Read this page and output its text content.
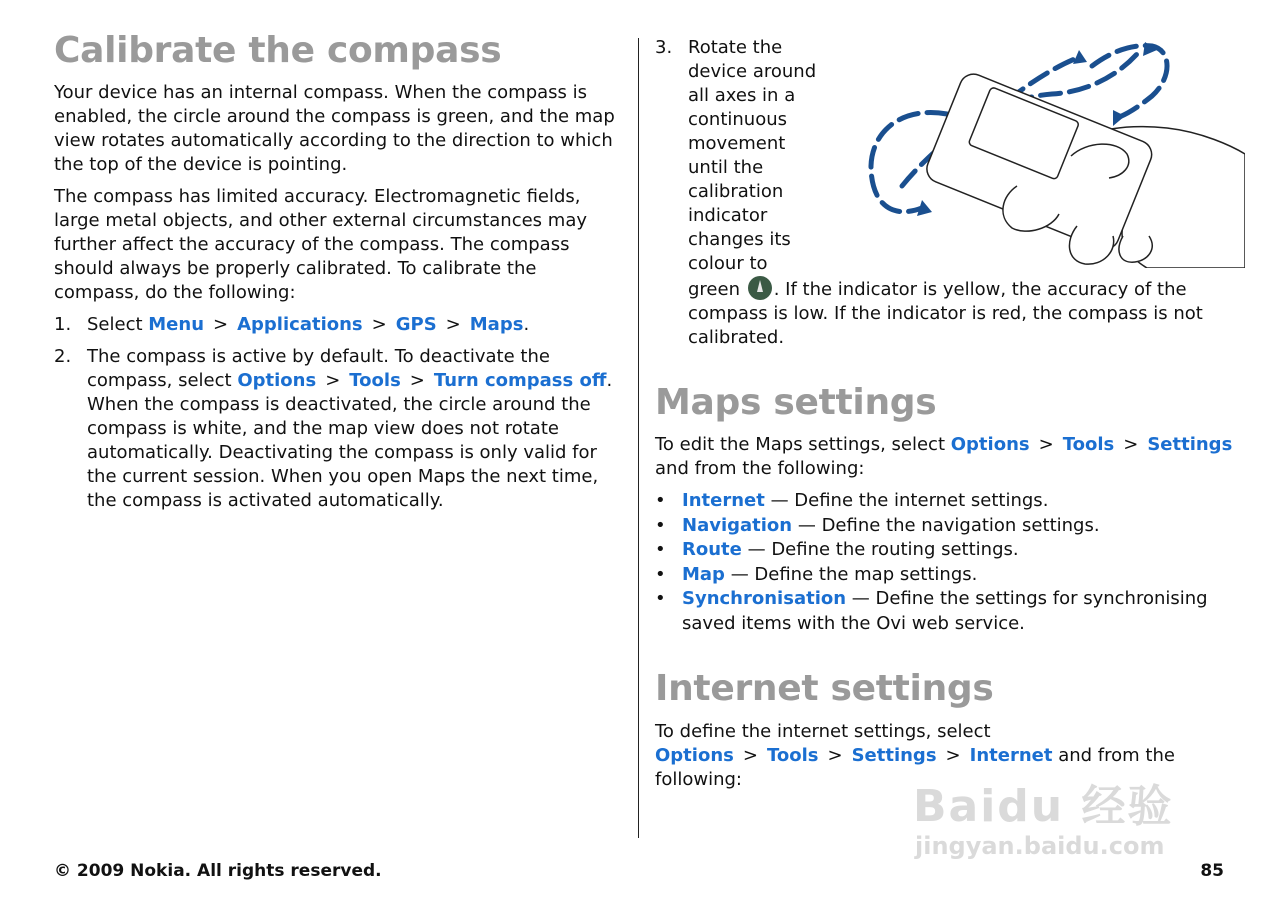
Calibrate the compass

Your device has an internal compass. When the compass is enabled, the circle around the compass is green, and the map view rotates automatically according to the direction to which the top of the device is pointing.

The compass has limited accuracy. Electromagnetic fields, large metal objects, and other external circumstances may further affect the accuracy of the compass. The compass should always be properly calibrated. To calibrate the compass, do the following:

1. Select Menu > Applications > GPS > Maps.
2. The compass is active by default. To deactivate the compass, select Options > Tools > Turn compass off. When the compass is deactivated, the circle around the compass is white, and the map view does not rotate automatically. Deactivating the compass is only valid for the current session. When you open Maps the next time, the compass is activated automatically.
3. Rotate the device around all axes in a continuous movement until the calibration indicator changes its colour to green . If the indicator is yellow, the accuracy of the compass is low. If the indicator is red, the compass is not calibrated.
Maps settings

To edit the Maps settings, select Options > Tools > Settings and from the following:

• Internet — Define the internet settings.
• Navigation — Define the navigation settings.
• Route — Define the routing settings.
• Map — Define the map settings.
• Synchronisation — Define the settings for synchronising saved items with the Ovi web service.
Internet settings

To define the internet settings, select Options > Tools > Settings > Internet and from the following:

Baidu 经验
jingyan.baidu.com
© 2009 Nokia. All rights reserved.	85
